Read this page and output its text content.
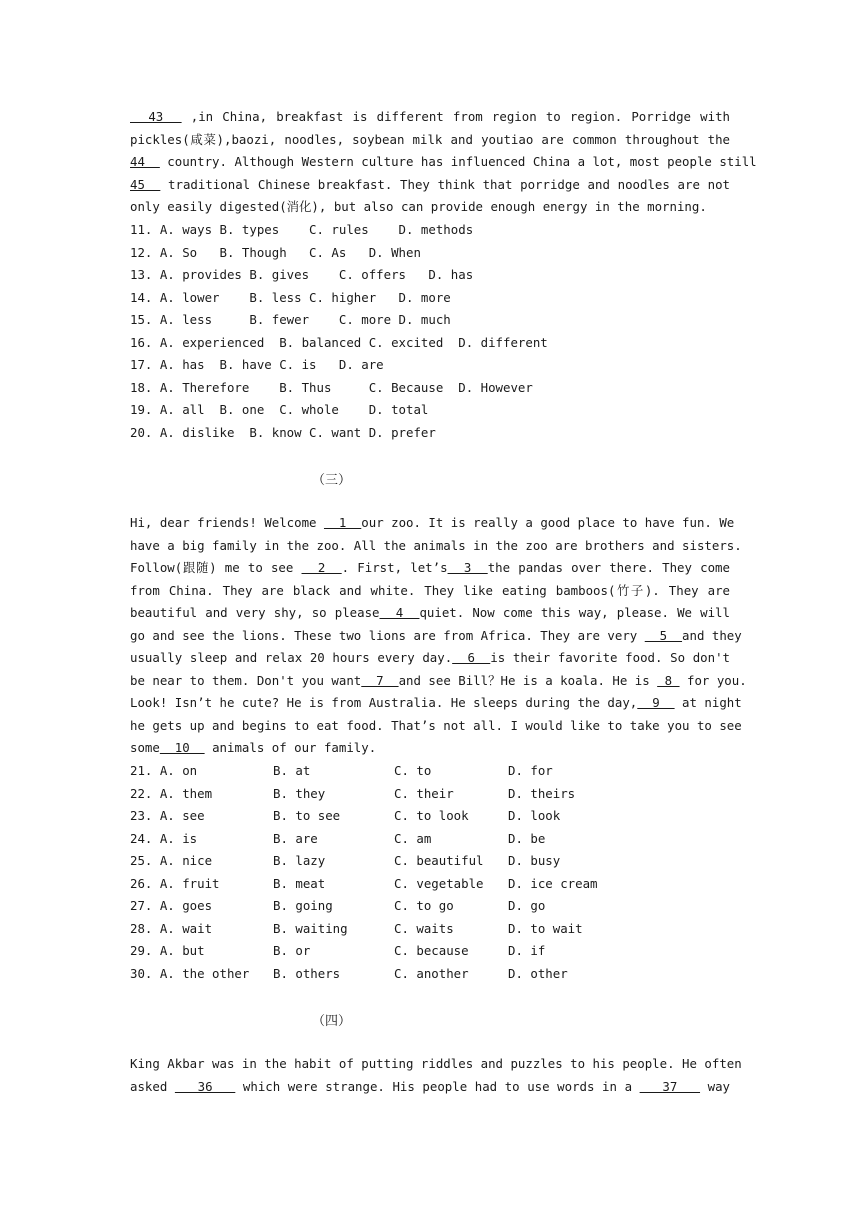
43   ,in China, breakfast is different from region to region. Porridge with
pickles(咸菜),baozi, noodles, soybean milk and youtiao are common throughout the
44   country. Although Western culture has influenced China a lot, most people still
45   traditional Chinese breakfast. They think that porridge and noodles are not
only easily digested(消化), but also can provide enough energy in the morning.
11. A. ways B. types    C. rules    D. methods
12. A. So   B. Though   C. As   D. When
13. A. provides B. gives    C. offers   D. has
14. A. lower    B. less C. higher   D. more
15. A. less     B. fewer    C. more D. much
16. A. experienced  B. balanced C. excited  D. different
17. A. has  B. have C. is   D. are
18. A. Therefore    B. Thus     C. Because  D. However
19. A. all  B. one  C. whole    D. total
20. A. dislike  B. know C. want D. prefer
（三）
Hi, dear friends! Welcome   1  our zoo. It is really a good place to have fun. We
have a big family in the zoo. All the animals in the zoo are brothers and sisters.
Follow(跟随) me to see   2  . First, let’s  3  the pandas over there. They come
from China. They are black and white. They like eating bamboos(竹子). They are
beautiful and very shy, so please  4  quiet. Now come this way, please. We will
go and see the lions. These two lions are from Africa. They are very   5  and they
usually sleep and relax 20 hours every day.  6  is their favorite food. So don't
be near to them. Don't you want  7  and see Bill？He is a koala. He is  8  for you.
Look! Isn’t he cute? He is from Australia. He sleeps during the day,  9   at night
he gets up and begins to eat food. That’s not all. I would like to take you to see
some  10   animals of our family.
21. A. on	B. at	C. to	D. for
22. A. them	B. they	C. their	D. theirs
23. A. see	B. to see	C. to look	D. look
24. A. is	B. are	C. am	D. be
25. A. nice	B. lazy	C. beautiful D. busy
26. A. fruit	B. meat	C. vegetable D. ice cream
27. A. goes	B. going	C. to go	D. go
28. A. wait	B. waiting	C. waits	D. to wait
29. A. but	B. or	C. because	D. if
30. A. the other B. others	C. another	D. other
（四）
King Akbar was in the habit of putting riddles and puzzles to his people. He often
asked    36    which were strange. His people had to use words in a    37    way
